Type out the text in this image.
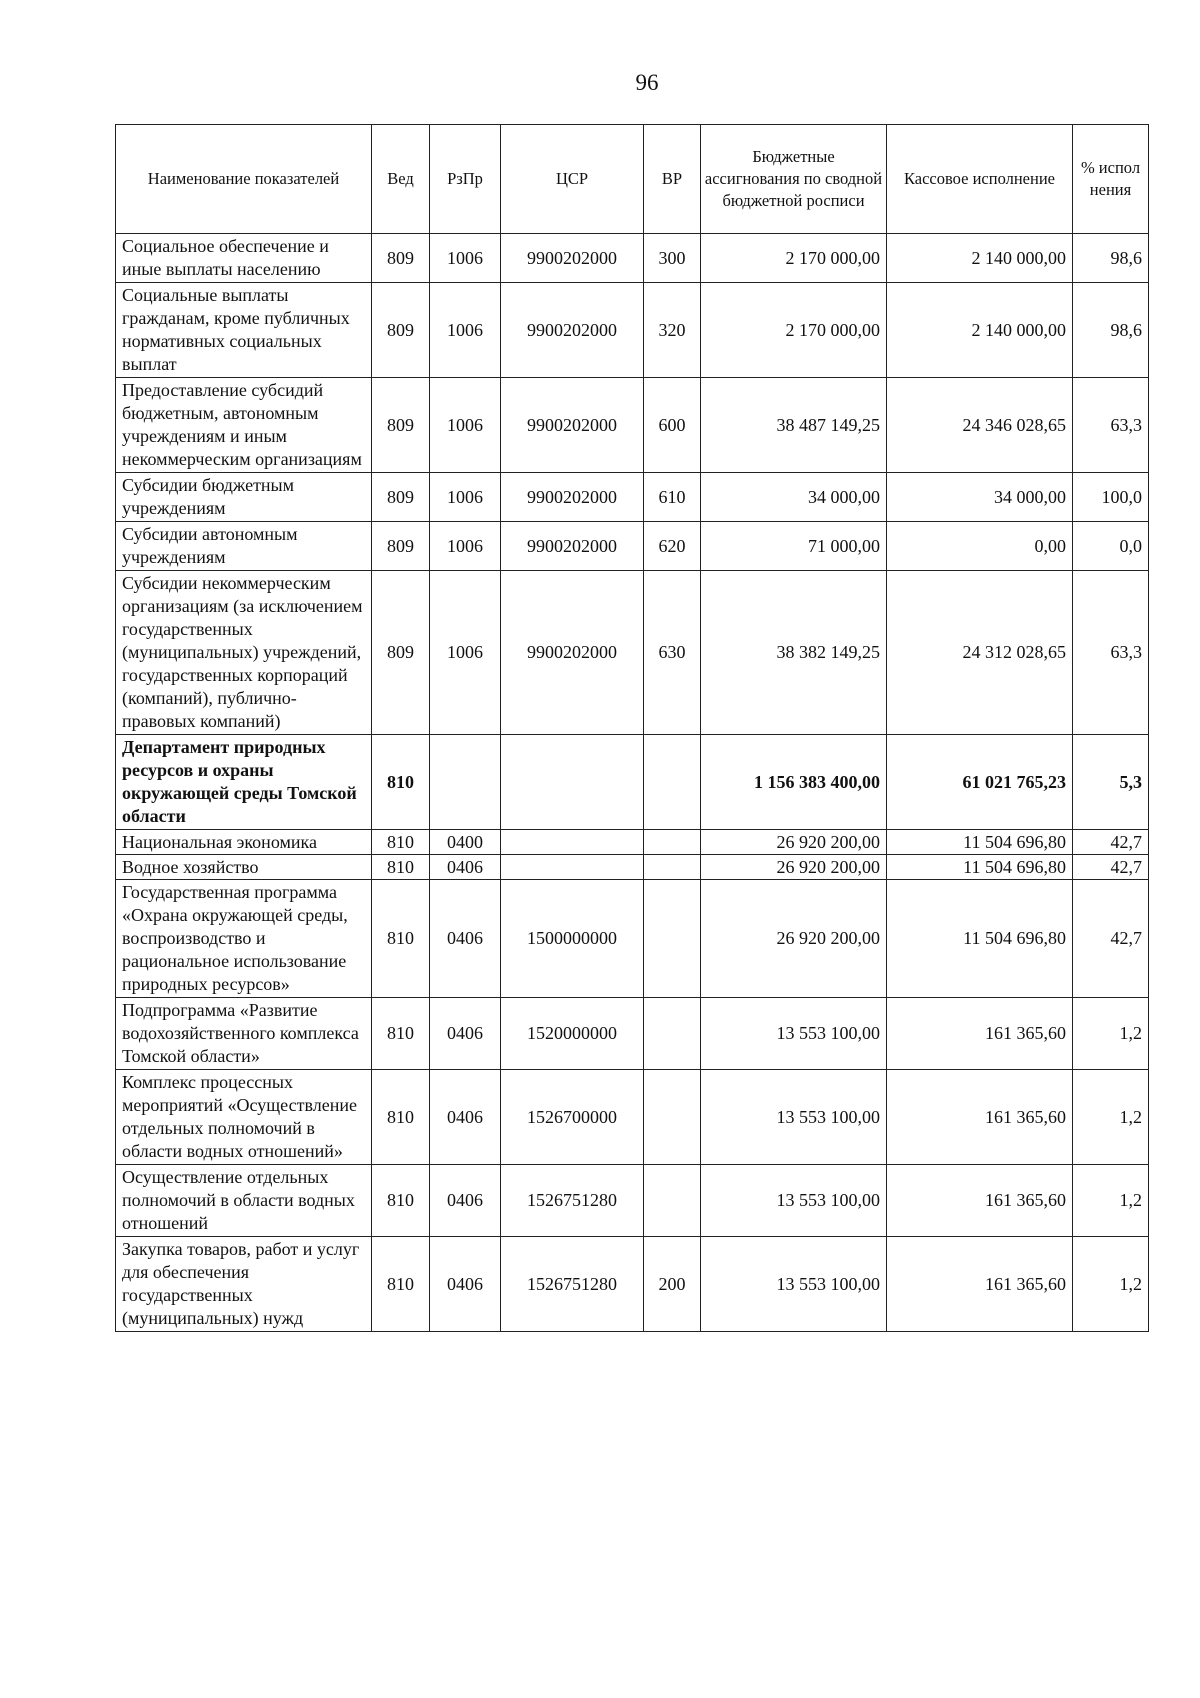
96
Наименование показателей	Вед	РзПр	ЦСР	ВР	Бюджетные ассигнования по сводной бюджетной росписи	Кассовое исполнение	% испол нения
Социальное обеспечение и иные выплаты населению	809	1006	9900202000	300	2 170 000,00	2 140 000,00	98,6
Социальные выплаты гражданам, кроме публичных нормативных социальных выплат	809	1006	9900202000	320	2 170 000,00	2 140 000,00	98,6
Предоставление субсидий бюджетным, автономным учреждениям и иным некоммерческим организациям	809	1006	9900202000	600	38 487 149,25	24 346 028,65	63,3
Субсидии бюджетным учреждениям	809	1006	9900202000	610	34 000,00	34 000,00	100,0
Субсидии автономным учреждениям	809	1006	9900202000	620	71 000,00	0,00	0,0
Субсидии некоммерческим организациям (за исключением государственных (муниципальных) учреждений, государственных корпораций (компаний), публично-правовых компаний)	809	1006	9900202000	630	38 382 149,25	24 312 028,65	63,3
Департамент природных ресурсов и охраны окружающей среды Томской области	810				1 156 383 400,00	61 021 765,23	5,3
Национальная экономика	810	0400			26 920 200,00	11 504 696,80	42,7
Водное хозяйство	810	0406			26 920 200,00	11 504 696,80	42,7
Государственная программа «Охрана окружающей среды, воспроизводство и рациональное использование природных ресурсов»	810	0406	1500000000		26 920 200,00	11 504 696,80	42,7
Подпрограмма «Развитие водохозяйственного комплекса Томской области»	810	0406	1520000000		13 553 100,00	161 365,60	1,2
Комплекс процессных мероприятий «Осуществление отдельных полномочий в области водных отношений»	810	0406	1526700000		13 553 100,00	161 365,60	1,2
Осуществление отдельных полномочий в области водных отношений	810	0406	1526751280		13 553 100,00	161 365,60	1,2
Закупка товаров, работ и услуг для обеспечения государственных (муниципальных) нужд	810	0406	1526751280	200	13 553 100,00	161 365,60	1,2
